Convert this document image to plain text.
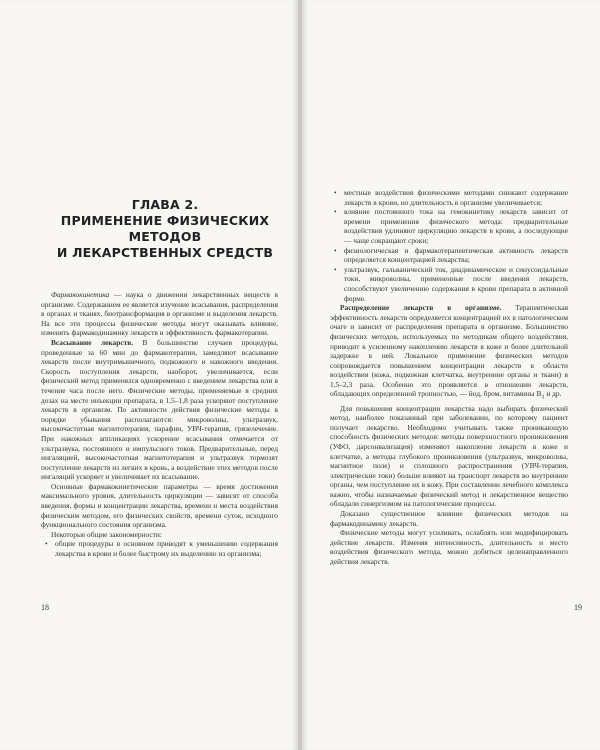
ГЛАВА 2.
ПРИМЕНЕНИЕ ФИЗИЧЕСКИХ МЕТОДОВ
И ЛЕКАРСТВЕННЫХ СРЕДСТВ

Фармакокинетика — наука о движении лекарственных веществ в организме. Содержанием ее является изучение всасывания, распределения в органах и тканях, биотрансформация в организме и выделения лекарств. На все эти процессы физические методы могут оказывать влияние, изменять фармакодинамику лекарств и эффективность фармакотерапии.

Всасывание лекарств. В большинстве случаев процедуры, проведенные за 60 мин до фармакотерапии, замедляют всасывание лекарств после внутримышечного, подкожного и накожного введения. Скорость поступления лекарств, наоборот, увеличивается, если физический метод применялся одновременно с введением лекарства или в течение часа после него. Физические методы, применяемые в средних дозах на месте инъекции препарата, в 1,5–1,8 раза ускоряют поступление лекарств в организм. По активности действия физические методы в порядке убывания располагаются: микроволны, ультразвук, высокочастотная магнитотерапия, парафин, УВЧ-терапия, грязелечение. При накожных аппликациях ускорение всасывания отмечается от ультразвука, постоянного и импульсного токов. Предварительные, перед ингаляцией, высокочастотная магнитотерапия и ультразвук тормозят поступление лекарств из легких в кровь, а воздействие этих методов после ингаляций ускоряет и увеличивает их всасывание.

Основные фармакокинетические параметры — время достижения максимального уровня, длительность циркуляции — зависят от способа введения, формы и концентрации лекарства, времени и места воздействия физическим методом, его физических свойств, времени суток, исходного функционального состояния организма.

Некоторые общие закономерности:

• общие процедуры в основном приводят к уменьшению содержания лекарства в крови и более быстрому их выделению из организма;
18
• местные воздействия физическими методами снижают содержание лекарств в крови, но длительность в организме увеличивается;
• влияние постоянного тока на гемокинетику лекарств зависит от времени применения физического метода: предварительные воздействия удлиняют циркуляцию лекарств в крови, а последующие — чаще сокращают сроки;
• физиологическая и фармакотерапевтическая активность лекарств определяется концентрацией лекарства;
• ультразвук, гальванический ток, диадинамические и синусоидальные токи, микроволны, примененные после введения лекарств, способствуют увеличению содержания в крови препарата в активной форме.

Распределение лекарств в организме. Терапевтическая эффективность лекарств определяется концентрацией их в патологическом очаге и зависит от распределения препарата в организме. Большинство физических методов, используемых по методикам общего воздействия, приводит к усиленному накоплению лекарств в коже и более длительной задержке в ней. Локальное применение физических методов сопровождается повышением концентрации лекарств в области воздействия (кожа, подкожная клетчатка, внутренние органы и ткани) в 1,5–2,3 раза. Особенно это проявляется в отношении лекарств, обладающих определенной тропностью, — йод, бром, витамины $B_1$ и др.

Для повышения концентрации лекарства надо выбирать физический метод, наиболее показанный при заболевании, по которому пациент получает лекарство. Необходимо учитывать также проникающую способность физических методов: методы поверхностного проникновения (УФО, дарсонвализация) изменяют накопление лекарств в коже и клетчатке, а методы глубокого проникновения (ультразвук, микроволны, магнитное поле) и сплошного распространения (УВЧ-терапия, электрические токи) больше влияют на транспорт лекарств во внутренние органы, чем поступление их в кожу. При составлении лечебного комплекса важно, чтобы назначаемые физический метод и лекарственное вещество обладали синергизмом на патологические процессы.

Доказано существенное влияние физических методов на фармакодинамику лекарств.

Физические методы могут усиливать, ослаблять или модифицировать действие лекарств. Изменяя интенсивность, длительность и место воздействия физического метода, можно добиться целенаправленного действия лекарств.

19
